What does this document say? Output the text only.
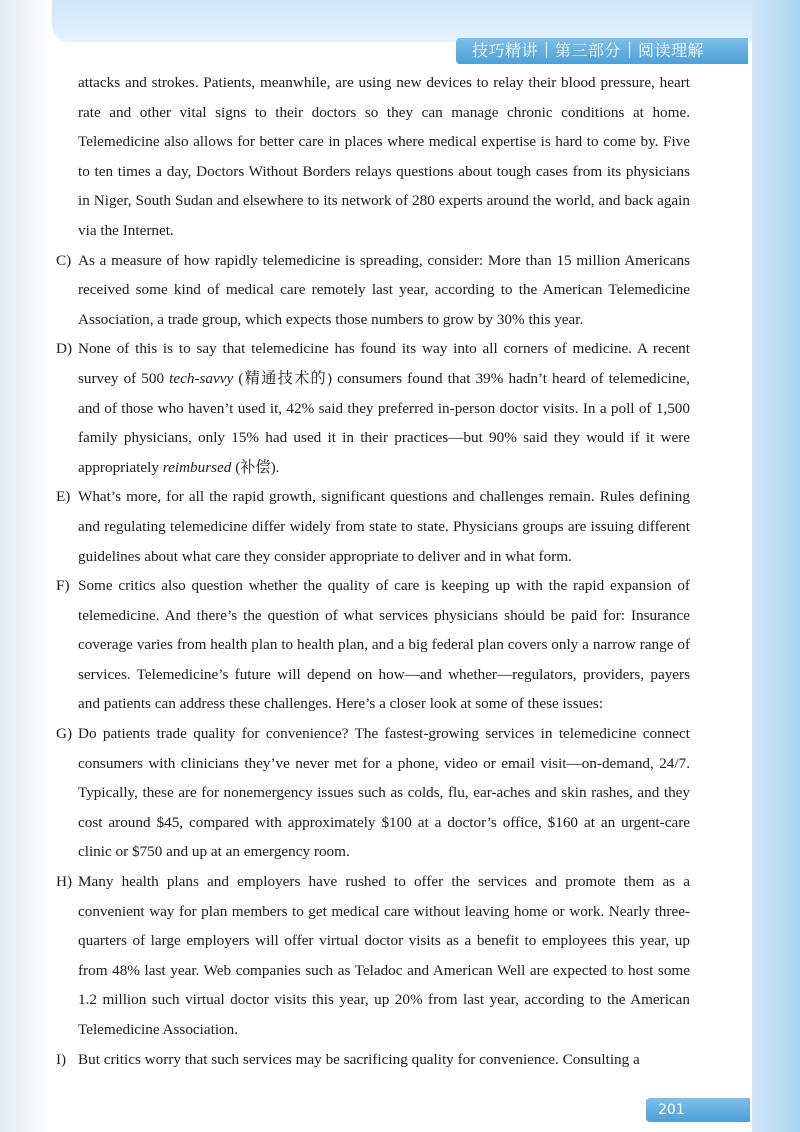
技巧精讲 第三部分 阅读理解

attacks and strokes. Patients, meanwhile, are using new devices to relay their blood pressure, heart rate and other vital signs to their doctors so they can manage chronic conditions at home. Telemedicine also allows for better care in places where medical expertise is hard to come by. Five to ten times a day, Doctors Without Borders relays questions about tough cases from its physicians in Niger, South Sudan and elsewhere to its network of 280 experts around the world, and back again via the Internet.

C) As a measure of how rapidly telemedicine is spreading, consider: More than 15 million Americans received some kind of medical care remotely last year, according to the American Telemedicine Association, a trade group, which expects those numbers to grow by 30% this year.

D) None of this is to say that telemedicine has found its way into all corners of medicine. A recent survey of 500 tech-savvy (精通技术的) consumers found that 39% hadn’t heard of telemedicine, and of those who haven’t used it, 42% said they preferred in-person doctor visits. In a poll of 1,500 family physicians, only 15% had used it in their practices—but 90% said they would if it were appropriately reimbursed (补偿).

E) What’s more, for all the rapid growth, significant questions and challenges remain. Rules defining and regulating telemedicine differ widely from state to state. Physicians groups are issuing different guidelines about what care they consider appropriate to deliver and in what form.

F) Some critics also question whether the quality of care is keeping up with the rapid expansion of telemedicine. And there’s the question of what services physicians should be paid for: Insurance coverage varies from health plan to health plan, and a big federal plan covers only a narrow range of services. Telemedicine’s future will depend on how—and whether—regulators, providers, payers and patients can address these challenges. Here’s a closer look at some of these issues:

G) Do patients trade quality for convenience? The fastest-growing services in telemedicine connect consumers with clinicians they’ve never met for a phone, video or email visit—on-demand, 24/7. Typically, these are for nonemergency issues such as colds, flu, ear-aches and skin rashes, and they cost around $45, compared with approximately $100 at a doctor’s office, $160 at an urgent-care clinic or $750 and up at an emergency room.

H) Many health plans and employers have rushed to offer the services and promote them as a convenient way for plan members to get medical care without leaving home or work. Nearly three-quarters of large employers will offer virtual doctor visits as a benefit to employees this year, up from 48% last year. Web companies such as Teladoc and American Well are expected to host some 1.2 million such virtual doctor visits this year, up 20% from last year, according to the American Telemedicine Association.

I) But critics worry that such services may be sacrificing quality for convenience. Consulting a

201
